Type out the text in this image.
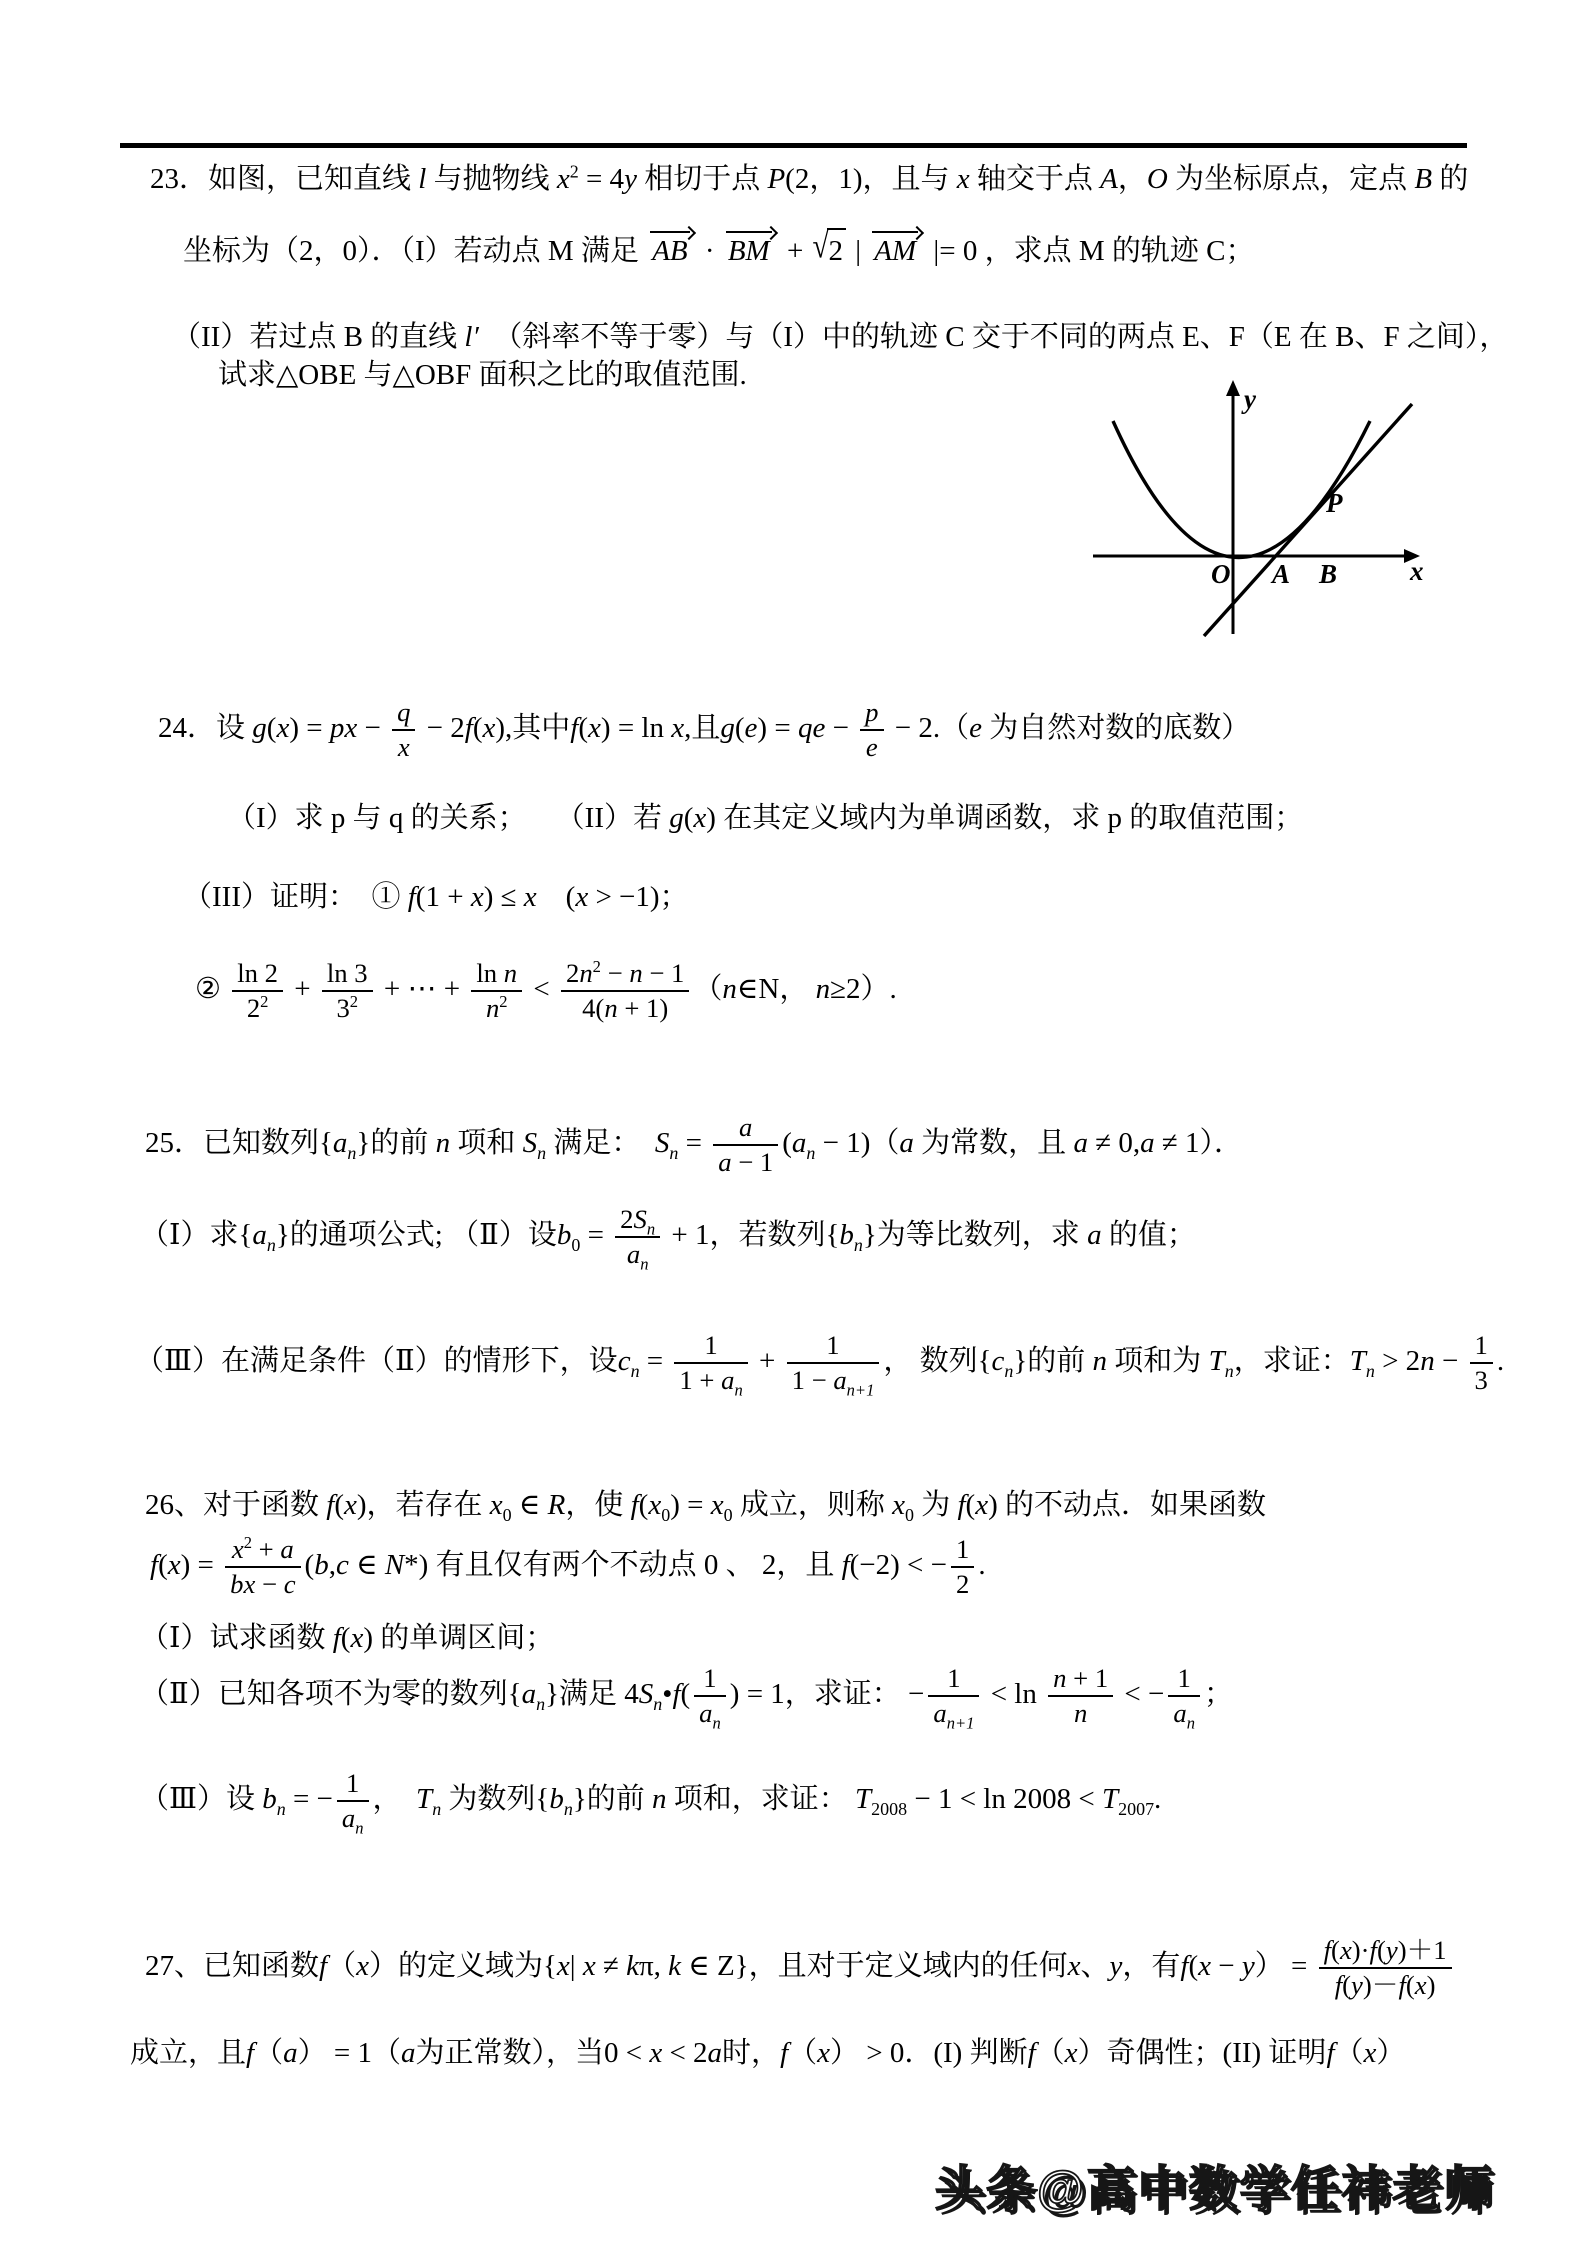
23．如图，已知直线 l 与抛物线 $x^2 = 4y$ 相切于点 P(2，1)，且与 x 轴交于点 A，O 为坐标原点，定点 B 的
坐标为（2，0）．（I）若动点 M 满足 AB · BM + √2 | AM |= 0 ，求点 M 的轨迹 C；
（II）若过点 B 的直线 l′　（斜率不等于零）与（I）中的轨迹 C 交于不同的两点 E、F（E 在 B、F 之间），
试求△OBE 与△OBF 面积之比的取值范围.
O A B
P
y
x
24．设 g(x) = px − $\frac{q}{x} - 2f(x)$,其中f(x) = ln x,且g(e) = qe − $\frac{p}{e} - 2.(e$ 为自然对数的底数）
（I）求 p 与 q 的关系；　　（II）若 g(x) 在其定义域内为单调函数，求 p 的取值范围；
（III）证明：　① f(1 + x) ≤ x　(x > −1)；
② $\frac{\ln 2}{2^2} + \frac{\ln 3}{3^2}$ + ⋯ + $\frac{\text{ln n}}{n^2} < \frac{2n^2 - n - 1}{4(n + 1)}$ （n∈N， n≥2）.
25．已知数列$\{a_n\}$的前 n 项和 $S_n$ 满足：　$S_n = \frac{a}{a - 1} (a_n - 1)(a$ 为常数，且 a ≠ 0,a ≠ 1）．
（Ⅰ）求$\{a_n\}$的通项公式; （Ⅱ）设$b_0 = \frac{2S_n}{a_n} + 1$，若数列$\{b_n\}$为等比数列，求 a 的值；
（Ⅲ）在满足条件（Ⅱ）的情形下，设$c_n = \frac{1}{1 + a_n} + \frac{1}{1 - a_{n+1}}$ ， 数列$\{c_n\}$的前 n 项和为 $T_n$，求证：$T_n > 2n - \frac{1}{3}$ .
26、对于函数 f(x)，若存在 $x_0$ ∈ R，使 $f(x_0) = x_0$ 成立，则称 $x_0$ 为 f(x) 的不动点．如果函数
$f(x) = \frac{x^2 + a}{bx - c} (b,c$ ∈ N*) 有且仅有两个不动点 0 、 2，且 f(−2) < − $\frac{1}{2}$ .
（Ⅰ）试求函数 f(x) 的单调区间；
（Ⅱ）已知各项不为零的数列$\{a_n\}$满足 $4S_n•f( \frac{1}{a_n}$ ) = 1，求证： − $\frac{1}{a_{n+1}} < \ln \frac{n + 1}{n}$ < − $\frac{1}{a_n}$ ；
（Ⅲ）设 $b_n$ = − $\frac{1}{a_n}$ ，　$T_n$ 为数列$\{b_n\}$的前 n 项和，求证： $T_{2008} - 1 < \ln 2008 < T_{2007}$.
27、已知函数f（x）的定义域为{x| x ≠ kπ, k ∈ Z}，且对于定义域内的任何x、y，有$f(x - y) = \frac{f(x)\cdot f(y)+1}{f(y)-f(x)}$
成立，且f（a） = 1（a为正常数），当0 < x < 2a时，f（x） > 0．(I) 判断f（x）奇偶性；(II) 证明f（x）
头条@高中数学任祎老师
